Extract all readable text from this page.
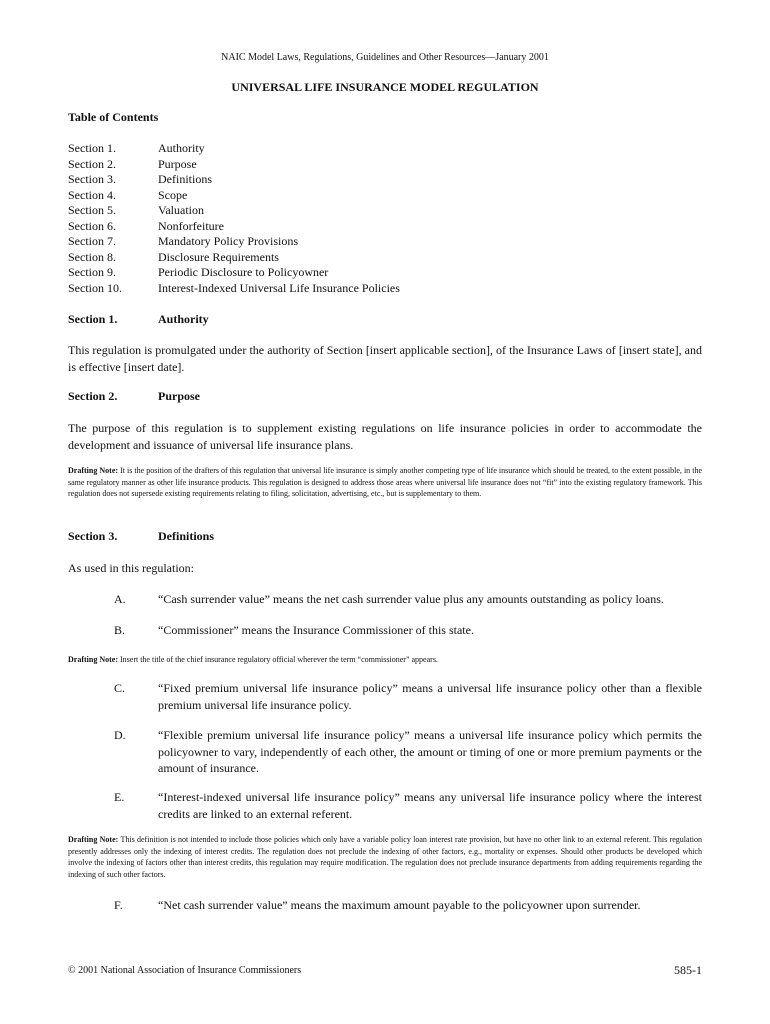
NAIC Model Laws, Regulations, Guidelines and Other Resources—January 2001
UNIVERSAL LIFE INSURANCE MODEL REGULATION
Table of Contents
Section 1.	Authority
Section 2.	Purpose
Section 3.	Definitions
Section 4.	Scope
Section 5.	Valuation
Section 6.	Nonforfeiture
Section 7.	Mandatory Policy Provisions
Section 8.	Disclosure Requirements
Section 9.	Periodic Disclosure to Policyowner
Section 10.	Interest-Indexed Universal Life Insurance Policies
Section 1.	Authority
This regulation is promulgated under the authority of Section [insert applicable section], of the Insurance Laws of [insert state], and is effective [insert date].
Section 2.	Purpose
The purpose of this regulation is to supplement existing regulations on life insurance policies in order to accommodate the development and issuance of universal life insurance plans.
Drafting Note: It is the position of the drafters of this regulation that universal life insurance is simply another competing type of life insurance which should be treated, to the extent possible, in the same regulatory manner as other life insurance products. This regulation is designed to address those areas where universal life insurance does not “fit” into the existing regulatory framework. This regulation does not supersede existing requirements relating to filing, solicitation, advertising, etc., but is supplementary to them.
Section 3.	Definitions
As used in this regulation:
A.	“Cash surrender value” means the net cash surrender value plus any amounts outstanding as policy loans.
B.	“Commissioner” means the Insurance Commissioner of this state.
Drafting Note: Insert the title of the chief insurance regulatory official wherever the term “commissioner” appears.
C.	“Fixed premium universal life insurance policy” means a universal life insurance policy other than a flexible premium universal life insurance policy.
D.	“Flexible premium universal life insurance policy” means a universal life insurance policy which permits the policyowner to vary, independently of each other, the amount or timing of one or more premium payments or the amount of insurance.
E.	“Interest-indexed universal life insurance policy” means any universal life insurance policy where the interest credits are linked to an external referent.
Drafting Note: This definition is not intended to include those policies which only have a variable policy loan interest rate provision, but have no other link to an external referent. This regulation presently addresses only the indexing of interest credits. The regulation does not preclude the indexing of other factors, e.g., mortality or expenses. Should other products be developed which involve the indexing of factors other than interest credits, this regulation may require modification. The regulation does not preclude insurance departments from adding requirements regarding the indexing of such other factors.
F.	“Net cash surrender value” means the maximum amount payable to the policyowner upon surrender.
© 2001 National Association of Insurance Commissioners	585-1
